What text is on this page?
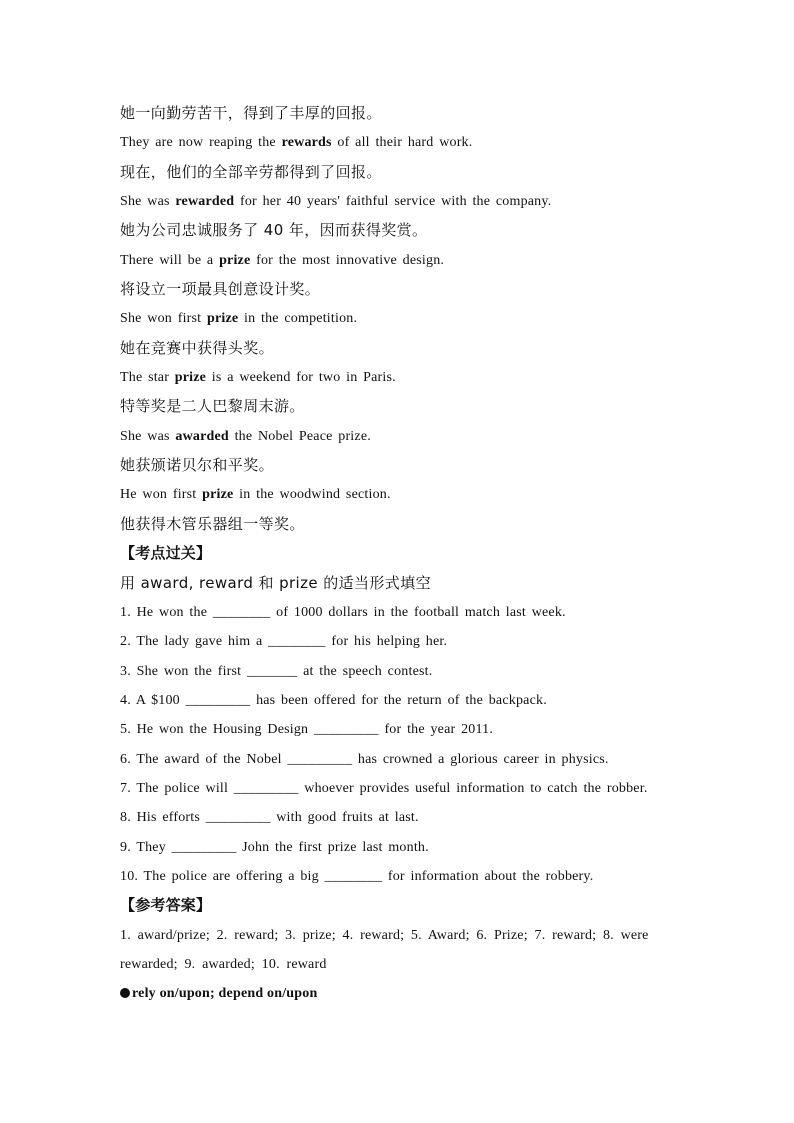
她一向勤劳苦干，得到了丰厚的回报。
They are now reaping the rewards of all their hard work.
现在，他们的全部辛劳都得到了回报。
She was rewarded for her 40 years' faithful service with the company.
她为公司忠诚服务了 40 年，因而获得奖赏。
There will be a prize for the most innovative design.
将设立一项最具创意设计奖。
She won first prize in the competition.
她在竞赛中获得头奖。
The star prize is a weekend for two in Paris.
特等奖是二人巴黎周末游。
She was awarded the Nobel Peace prize.
她获颁诺贝尔和平奖。
He won first prize in the woodwind section.
他获得木管乐器组一等奖。
【考点过关】
用 award, reward 和 prize 的适当形式填空
1. He won the ________ of 1000 dollars in the football match last week.
2. The lady gave him a ________ for his helping her.
3. She won the first _______ at the speech contest.
4. A $100 _________ has been offered for the return of the backpack.
5. He won the Housing Design _________ for the year 2011.
6. The award of the Nobel _________ has crowned a glorious career in physics.
7. The police will _________ whoever provides useful information to catch the robber.
8. His efforts _________ with good fruits at last.
9. They _________ John the first prize last month.
10. The police are offering a big ________ for information about the robbery.
【参考答案】
1. award/prize; 2. reward; 3. prize; 4. reward; 5. Award; 6. Prize; 7. reward; 8. were
rewarded; 9. awarded; 10. reward
rely on/upon; depend on/upon
